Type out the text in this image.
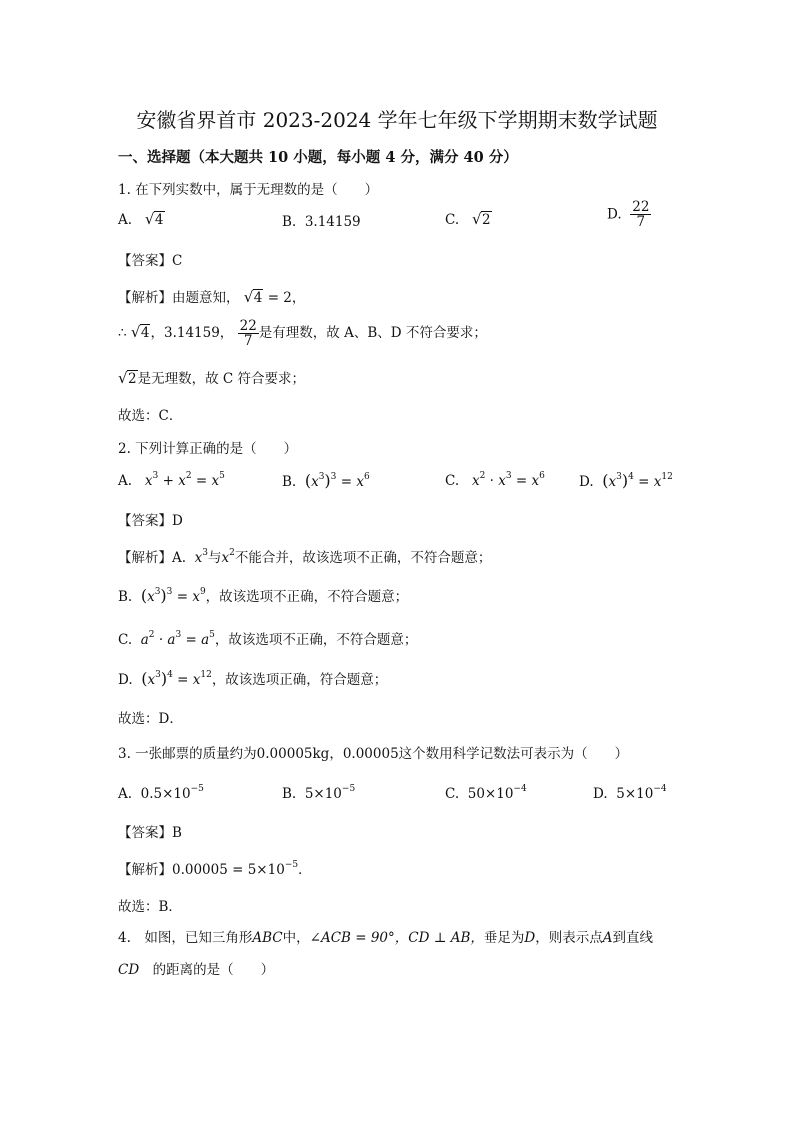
安徽省界首市 2023-2024 学年七年级下学期期末数学试题
一、选择题（本大题共 10 小题，每小题 4 分，满分 40 分）
1. 在下列实数中，属于无理数的是（　　）
A. √ 4	B. 3.14159	C. √ 2	D. $\frac{22}{7}$
【答案】C
【解析】由题意知， √ 4 = 2，
∴ √ 4，3.14159， $\frac{22}{7}$ 是有理数，故 A、B、D 不符合要求；
√ 2是无理数，故 C 符合要求；
故选：C．
2. 下列计算正确的是（　　）
A. $x^3 + x^2 = x^5$	B. $(x^3)^3 = x^6$	C. $x^2 \cdot x^3 = x^6$	D. $(x^3)^4 = x^{12}$
【答案】D
【解析】A. $x^3$与$x^2$不能合并，故该选项不正确，不符合题意；
B. $(x^3)^3 = x^9$，故该选项不正确，不符合题意；
C. $a^2 \cdot a^3 = a^5$，故该选项不正确，不符合题意；
D. $(x^3)^4 = x^{12}$，故该选项正确，符合题意；
故选：D．
3. 一张邮票的质量约为0.00005kg，0.00005这个数用科学记数法可表示为（　　）
A. $0.5\times 10^{-5}$	B. $5\times 10^{-5}$	C. $50\times 10^{-4}$	D. $5\times 10^{-4}$
【答案】B
【解析】$0.00005 = 5\times 10^{-5}$．
故选：B．
4.　如图，已知三角形ABC中，∠ACB = 90°，CD ⊥ AB，垂足为D，则表示点A到直线
CD　的距离的是（　　）
